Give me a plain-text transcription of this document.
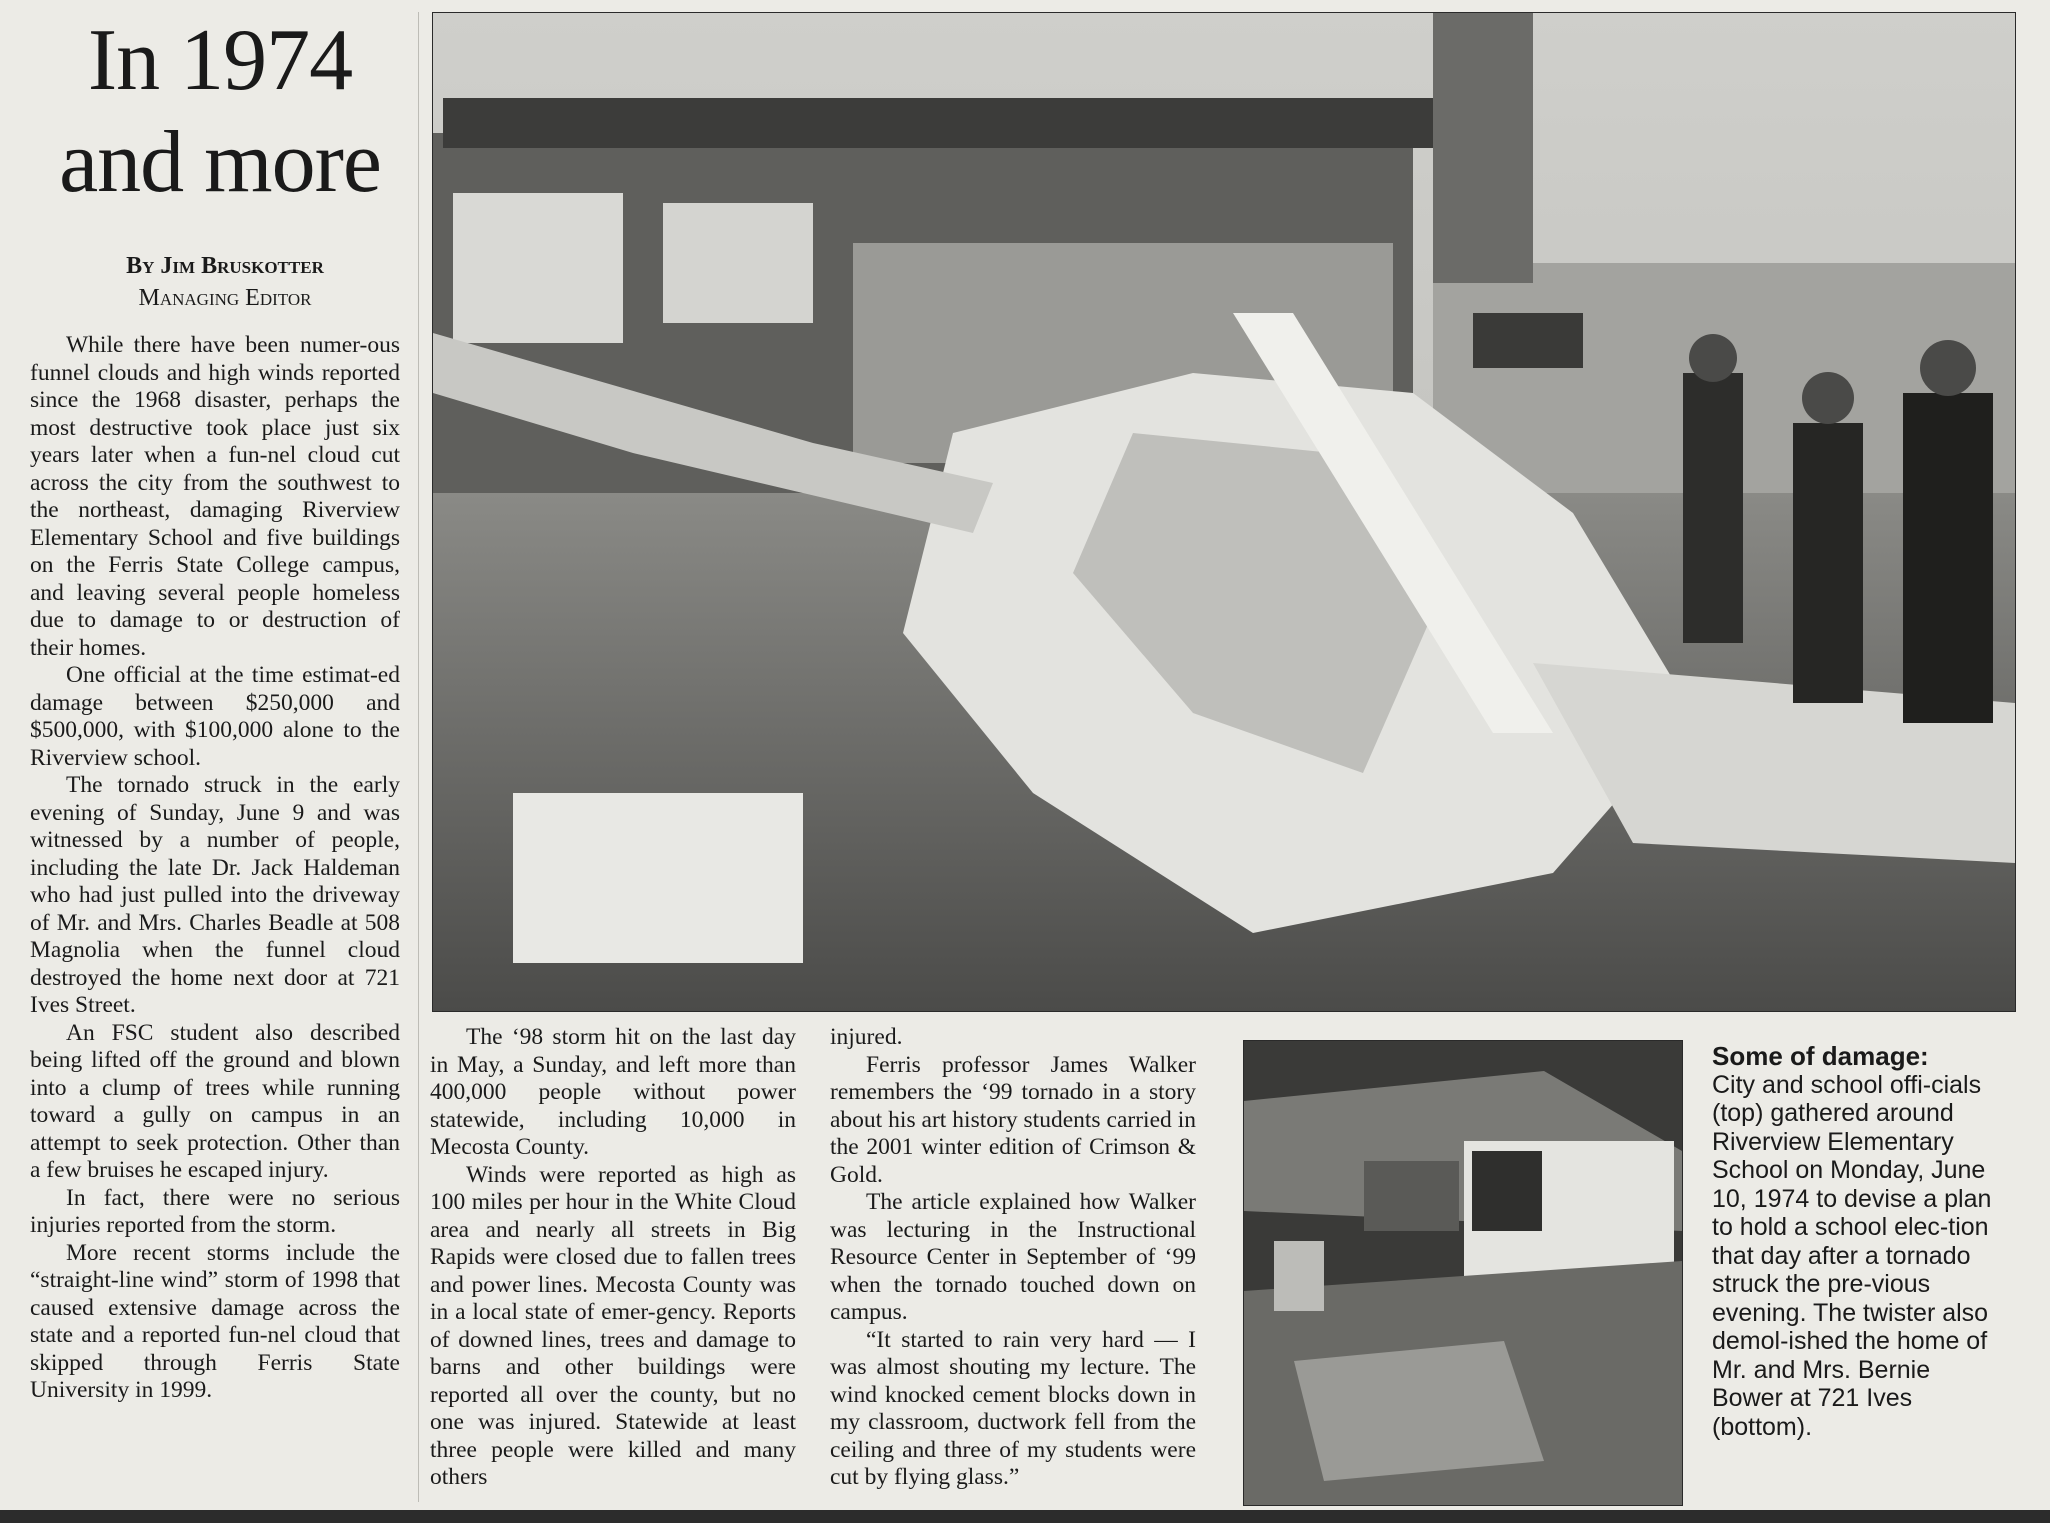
In 1974
and more
By Jim Bruskotter
Managing Editor

While there have been numer-ous funnel clouds and high winds reported since the 1968 disaster, perhaps the most destructive took place just six years later when a fun-nel cloud cut across the city from the southwest to the northeast, damaging Riverview Elementary School and five buildings on the Ferris State College campus, and leaving several people homeless due to damage to or destruction of their homes.

One official at the time estimat-ed damage between $250,000 and $500,000, with $100,000 alone to the Riverview school.

The tornado struck in the early evening of Sunday, June 9 and was witnessed by a number of people, including the late Dr. Jack Haldeman who had just pulled into the driveway of Mr. and Mrs. Charles Beadle at 508 Magnolia when the funnel cloud destroyed the home next door at 721 Ives Street.

An FSC student also described being lifted off the ground and blown into a clump of trees while running toward a gully on campus in an attempt to seek protection. Other than a few bruises he escaped injury.

In fact, there were no serious injuries reported from the storm.

More recent storms include the “straight-line wind” storm of 1998 that caused extensive damage across the state and a reported fun-nel cloud that skipped through Ferris State University in 1999.

The ‘98 storm hit on the last day in May, a Sunday, and left more than 400,000 people without power statewide, including 10,000 in Mecosta County.

Winds were reported as high as 100 miles per hour in the White Cloud area and nearly all streets in Big Rapids were closed due to fallen trees and power lines. Mecosta County was in a local state of emer-gency. Reports of downed lines, trees and damage to barns and other buildings were reported all over the county, but no one was injured. Statewide at least three people were killed and many others

injured.

Ferris professor James Walker remembers the ‘99 tornado in a story about his art history students carried in the 2001 winter edition of Crimson & Gold.

The article explained how Walker was lecturing in the Instructional Resource Center in September of ‘99 when the tornado touched down on campus.

“It started to rain very hard — I was almost shouting my lecture. The wind knocked cement blocks down in my classroom, ductwork fell from the ceiling and three of my students were cut by flying glass.”

Some of damage:
City and school offi-cials (top) gathered around Riverview Elementary School on Monday, June 10, 1974 to devise a plan to hold a school elec-tion that day after a tornado struck the pre-vious evening. The twister also demol-ished the home of Mr. and Mrs. Bernie Bower at 721 Ives (bottom).
